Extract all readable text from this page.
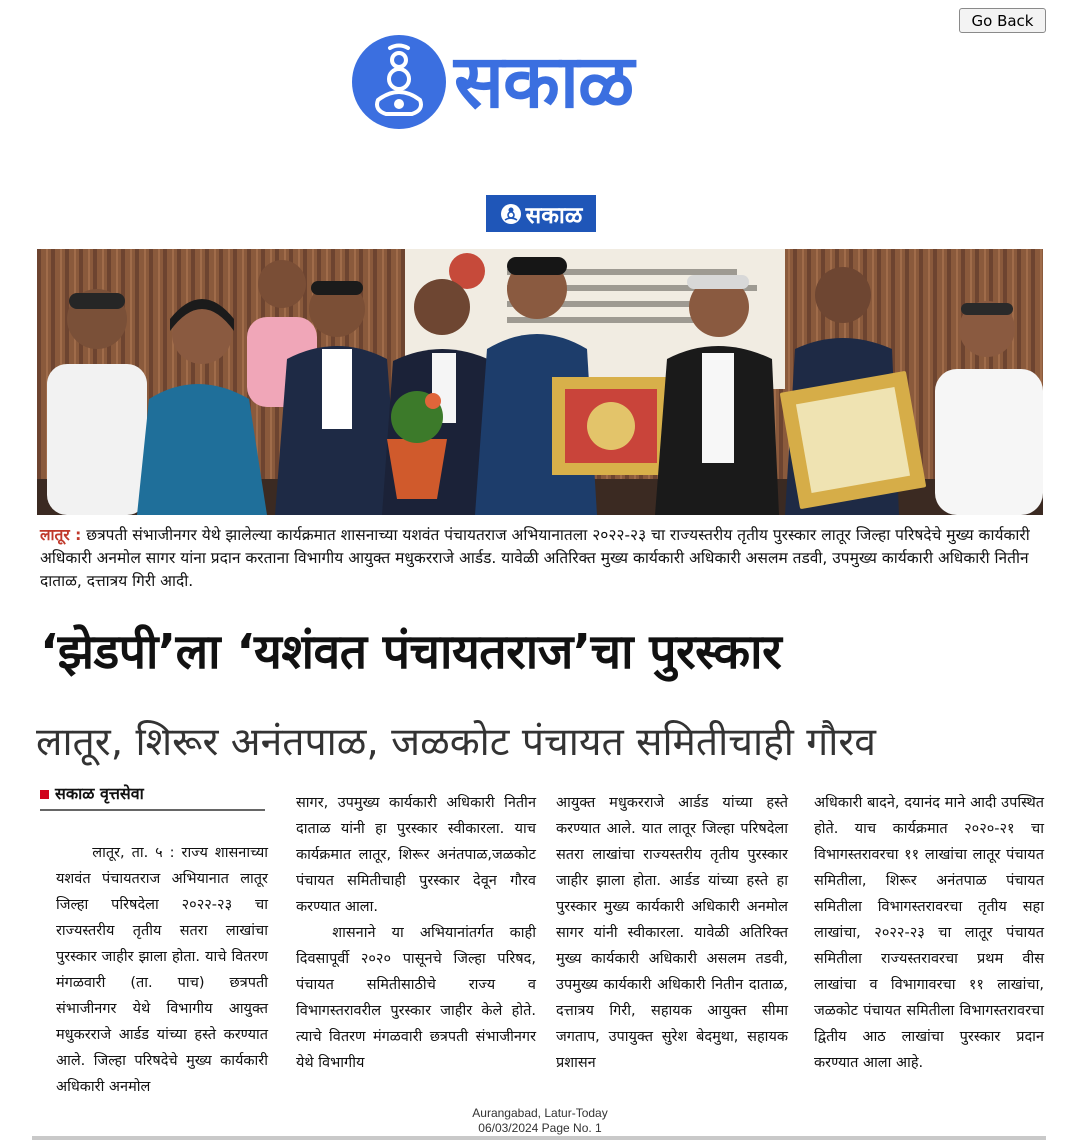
Go Back
सकाळ
सकाळ
लातूर : छत्रपती संभाजीनगर येथे झालेल्या कार्यक्रमात शासनाच्या यशवंत पंचायतराज अभियानातला २०२२-२३ चा राज्यस्तरीय तृतीय पुरस्कार लातूर जिल्हा परिषदेचे मुख्य कार्यकारी अधिकारी अनमोल सागर यांना प्रदान करताना विभागीय आयुक्त मधुकरराजे आर्डड. यावेळी अतिरिक्त मुख्य कार्यकारी अधिकारी असलम तडवी, उपमुख्य कार्यकारी अधिकारी नितीन दाताळ, दत्तात्रय गिरी आदी.
‘झेडपी’ला ‘यशंवत पंचायतराज’चा पुरस्कार
लातूर, शिरूर अनंतपाळ, जळकोट पंचायत समितीचाही गौरव
सकाळ वृत्तसेवा

लातूर, ता. ५ : राज्य शासनाच्या यशवंत पंचायतराज अभियानात लातूर जिल्हा परिषदेला २०२२-२३ चा राज्यस्तरीय तृतीय सतरा लाखांचा पुरस्कार जाहीर झाला होता. याचे वितरण मंगळवारी (ता. पाच) छत्रपती संभाजीनगर येथे विभागीय आयुक्त मधुकरराजे आर्डड यांच्या हस्ते करण्यात आले. जिल्हा परिषदेचे मुख्य कार्यकारी अधिकारी अनमोल

सागर, उपमुख्य कार्यकारी अधिकारी नितीन दाताळ यांनी हा पुरस्कार स्वीकारला. याच कार्यक्रमात लातूर, शिरूर अनंतपाळ,जळकोट पंचायत समितीचाही पुरस्कार देवून गौरव करण्यात आला.

शासनाने या अभियानांतर्गत काही दिवसापूर्वी २०२० पासूनचे जिल्हा परिषद, पंचायत समितीसाठीचे राज्य व विभागस्तरावरील पुरस्कार जाहीर केले होते. त्याचे वितरण मंगळवारी छत्रपती संभाजीनगर येथे विभागीय

आयुक्त मधुकरराजे आर्डड यांच्या हस्ते करण्यात आले. यात लातूर जिल्हा परिषदेला सतरा लाखांचा राज्यस्तरीय तृतीय पुरस्कार जाहीर झाला होता. आर्डड यांच्या हस्ते हा पुरस्कार मुख्य कार्यकारी अधिकारी अनमोल सागर यांनी स्वीकारला. यावेळी अतिरिक्त मुख्य कार्यकारी अधिकारी असलम तडवी, उपमुख्य कार्यकारी अधिकारी नितीन दाताळ, दत्तात्रय गिरी, सहायक आयुक्त सीमा जगताप, उपायुक्त सुरेश बेदमुथा, सहायक प्रशासन

अधिकारी बादने, दयानंद माने आदी उपस्थित होते. याच कार्यक्रमात २०२०-२१ चा विभागस्तरावरचा ११ लाखांचा लातूर पंचायत समितीला, शिरूर अनंतपाळ पंचायत समितीला विभागस्तरावरचा तृतीय सहा लाखांचा, २०२२-२३ चा लातूर पंचायत समितीला राज्यस्तरावरचा प्रथम वीस लाखांचा व विभागावरचा ११ लाखांचा, जळकोट पंचायत समितीला विभागस्तरावरचा द्वितीय आठ लाखांचा पुरस्कार प्रदान करण्यात आला आहे.

Aurangabad, Latur-Today
06/03/2024 Page No. 1
